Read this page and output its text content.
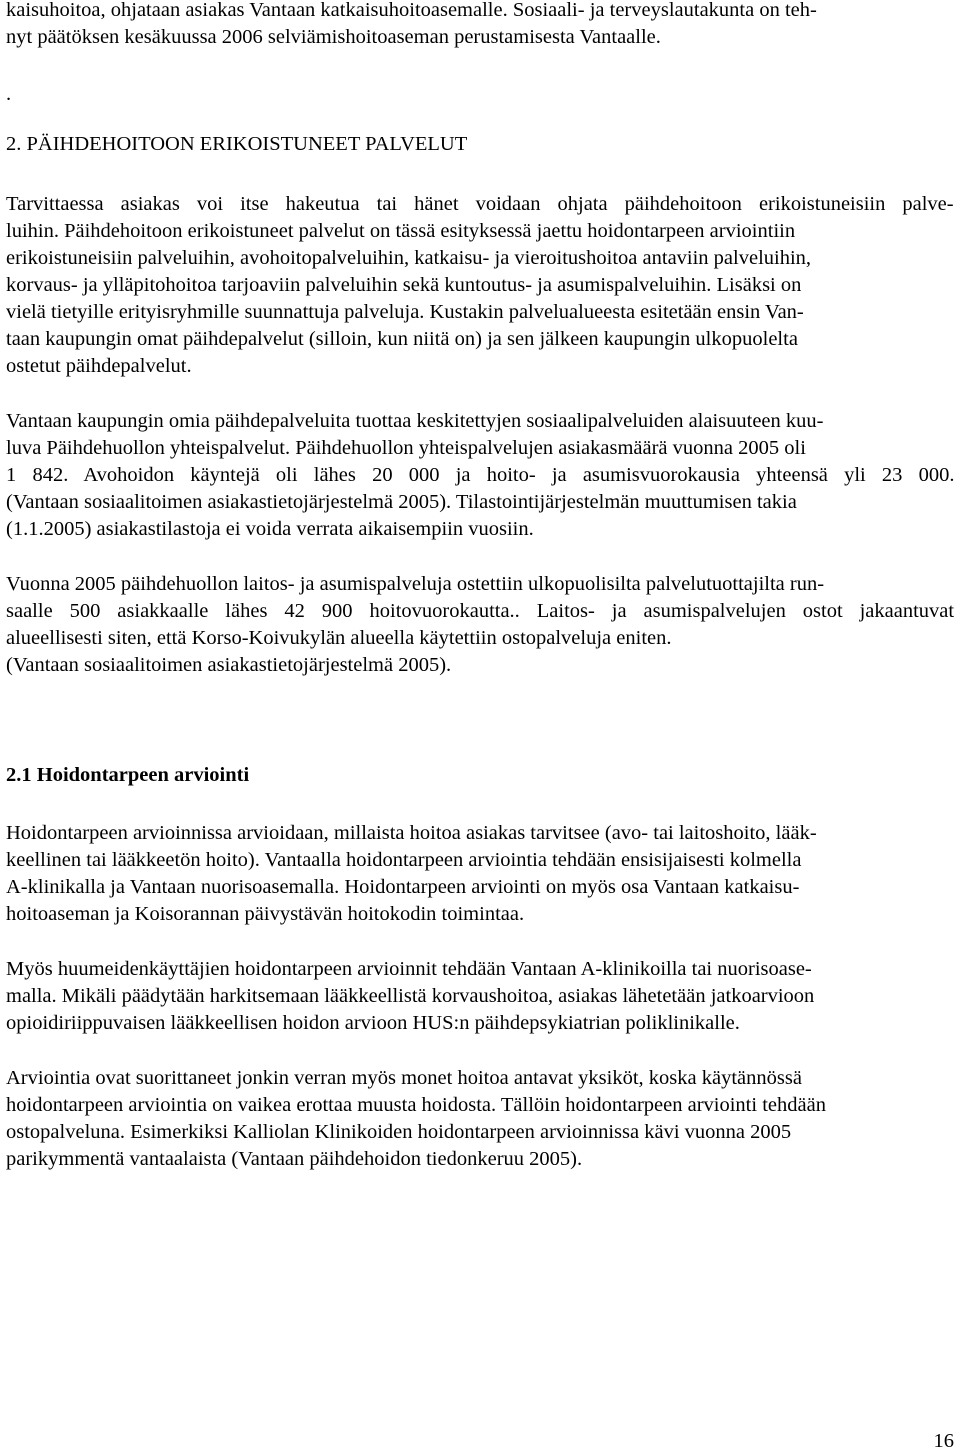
kaisuhoitoa, ohjataan asiakas Vantaan katkaisuhoitoasemalle. Sosiaali- ja terveyslautakunta on teh-
nyt päätöksen kesäkuussa 2006 selviämishoitoaseman perustamisesta Vantaalle.
.
2. PÄIHDEHOITOON ERIKOISTUNEET PALVELUT
Tarvittaessa asiakas voi itse hakeutua tai hänet voidaan ohjata päihdehoitoon erikoistuneisiin palve-
luihin. Päihdehoitoon erikoistuneet palvelut on tässä esityksessä jaettu hoidontarpeen arviointiin
erikoistuneisiin palveluihin, avohoitopalveluihin, katkaisu- ja vieroitushoitoa antaviin palveluihin,
korvaus- ja ylläpitohoitoa tarjoaviin palveluihin sekä kuntoutus- ja asumispalveluihin. Lisäksi on
vielä tietyille erityisryhmille suunnattuja palveluja. Kustakin palvelualueesta esitetään ensin Van-
taan kaupungin omat päihdepalvelut (silloin, kun niitä on) ja sen jälkeen kaupungin ulkopuolelta
ostetut päihdepalvelut.
Vantaan kaupungin omia päihdepalveluita tuottaa keskitettyjen sosiaalipalveluiden alaisuuteen kuu-
luva Päihdehuollon yhteispalvelut. Päihdehuollon yhteispalvelujen asiakasmäärä vuonna 2005 oli
1 842. Avohoidon käyntejä oli lähes 20 000 ja hoito- ja asumisvuorokausia yhteensä yli 23 000.
(Vantaan sosiaalitoimen asiakastietojärjestelmä 2005). Tilastointijärjestelmän muuttumisen takia
(1.1.2005) asiakastilastoja ei voida verrata aikaisempiin vuosiin.
Vuonna 2005 päihdehuollon laitos- ja asumispalveluja ostettiin ulkopuolisilta palvelutuottajilta run-
saalle 500 asiakkaalle lähes 42 900 hoitovuorokautta.. Laitos- ja asumispalvelujen ostot jakaantuvat
alueellisesti siten, että Korso-Koivukylän alueella käytettiin ostopalveluja eniten.
(Vantaan sosiaalitoimen asiakastietojärjestelmä 2005).
2.1 Hoidontarpeen arviointi
Hoidontarpeen arvioinnissa arvioidaan, millaista hoitoa asiakas tarvitsee (avo- tai laitoshoito, lääk-
keellinen tai lääkkeetön hoito). Vantaalla hoidontarpeen arviointia tehdään ensisijaisesti kolmella
A-klinikalla ja Vantaan nuorisoasemalla. Hoidontarpeen arviointi on myös osa Vantaan katkaisu-
hoitoaseman ja Koisorannan päivystävän hoitokodin toimintaa.
Myös huumeidenkäyttäjien hoidontarpeen arvioinnit tehdään Vantaan A-klinikoilla tai nuorisoase-
malla. Mikäli päädytään harkitsemaan lääkkeellistä korvaushoitoa, asiakas lähetetään jatkoarvioon
opioidiriippuvaisen lääkkeellisen hoidon arvioon HUS:n päihdepsykiatrian poliklinikalle.
Arviointia ovat suorittaneet jonkin verran myös monet hoitoa antavat yksiköt, koska käytännössä
hoidontarpeen arviointia on vaikea erottaa muusta hoidosta. Tällöin hoidontarpeen arviointi tehdään
ostopalveluna. Esimerkiksi Kalliolan Klinikoiden hoidontarpeen arvioinnissa kävi vuonna 2005
parikymmentä vantaalaista (Vantaan päihdehoidon tiedonkeruu 2005).
16
